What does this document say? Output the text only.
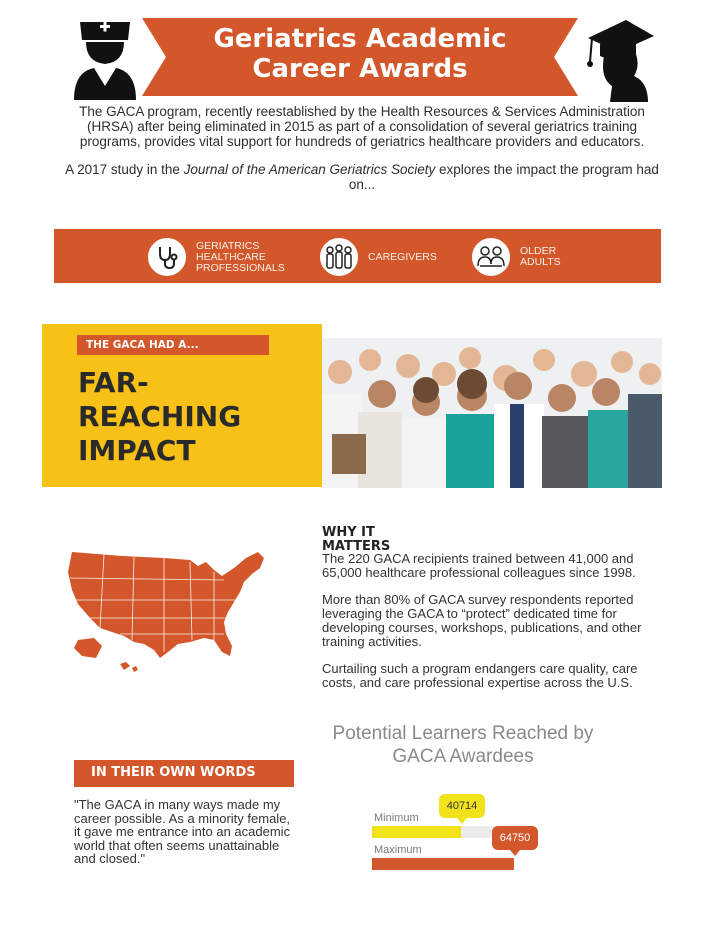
Geriatrics Academic
Career Awards

The GACA program, recently reestablished by the Health Resources & Services Administration (HRSA) after being eliminated in 2015 as part of a consolidation of several geriatrics training programs, provides vital support for hundreds of geriatrics healthcare providers and educators.

A 2017 study in the Journal of the American Geriatrics Society explores the impact the program had on...

GERIATRICS
HEALTHCARE
PROFESSIONALS
CAREGIVERS	OLDER
ADULTS
THE GACA HAD A...
FAR-
REACHING
IMPACT
WHY IT
MATTERS

The 220 GACA recipients trained between 41,000 and 65,000 healthcare professional colleagues since 1998.

More than 80% of GACA survey respondents reported leveraging the GACA to “protect” dedicated time for developing courses, workshops, publications, and other training activities.

Curtailing such a program endangers care quality, care costs, and care professional expertise across the U.S.

IN THEIR OWN WORDS
"The GACA in many ways made my career possible. As a minority female, it gave me entrance into an academic world that often seems unattainable and closed."
Potential Learners Reached by
GACA Awardees
Minimum
40714
Maximum
64750
